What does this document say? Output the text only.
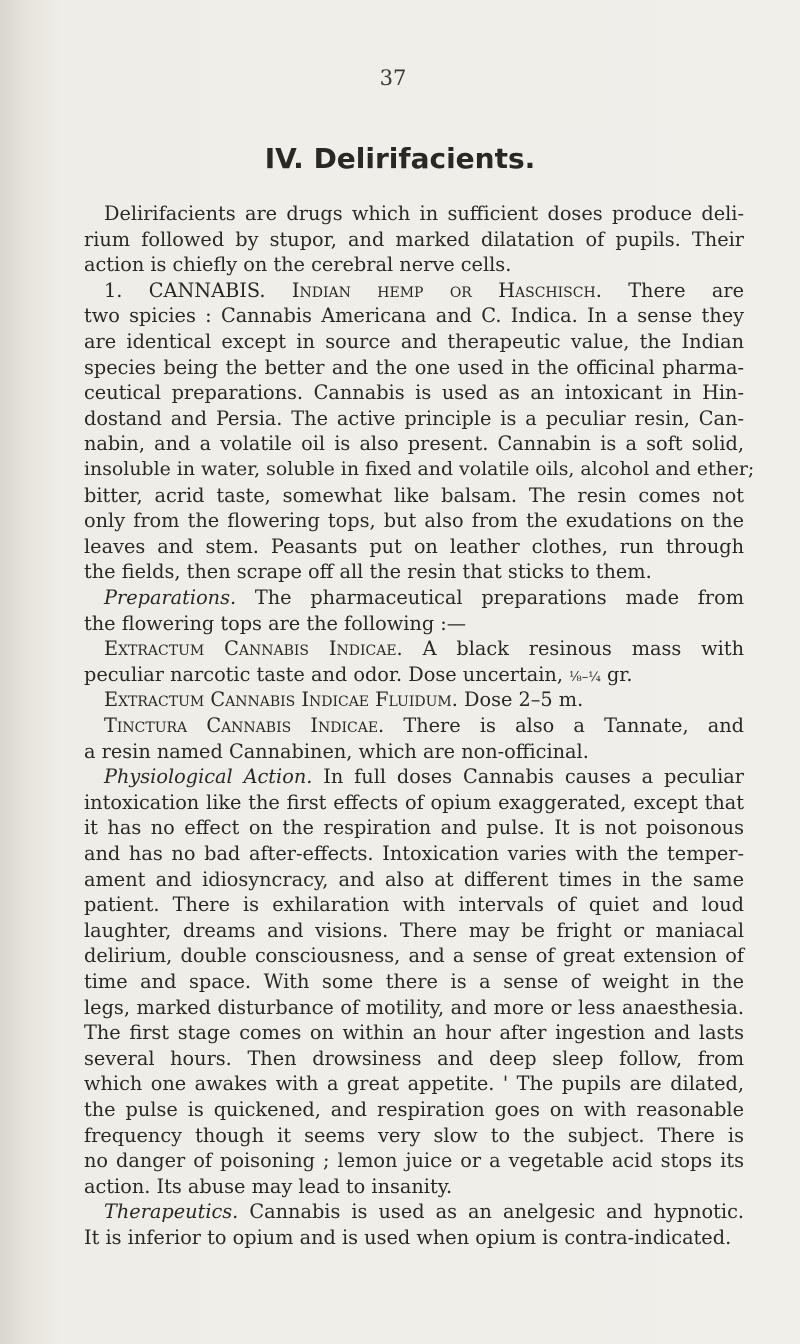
37
IV. Delirifacients.
Delirifacients are drugs which in sufficient doses produce deli-
rium followed by stupor, and marked dilatation of pupils. Their
action is chiefly on the cerebral nerve cells.
1. CANNABIS. Indian hemp or Haschisch. There are
two spicies : Cannabis Americana and C. Indica. In a sense they
are identical except in source and therapeutic value, the Indian
species being the better and the one used in the officinal pharma-
ceutical preparations. Cannabis is used as an intoxicant in Hin-
dostand and Persia. The active principle is a peculiar resin, Can-
nabin, and a volatile oil is also present. Cannabin is a soft solid,
insoluble in water, soluble in fixed and volatile oils, alcohol and ether;
bitter, acrid taste, somewhat like balsam. The resin comes not
only from the flowering tops, but also from the exudations on the
leaves and stem. Peasants put on leather clothes, run through
the fields, then scrape off all the resin that sticks to them.
Preparations. The pharmaceutical preparations made from
the flowering tops are the following :—
Extractum Cannabis Indicae. A black resinous mass with
peculiar narcotic taste and odor. Dose uncertain, ⅛–¼ gr.
Extractum Cannabis Indicae Fluidum. Dose 2–5 m.
Tinctura Cannabis Indicae. There is also a Tannate, and
a resin named Cannabinen, which are non-officinal.
Physiological Action. In full doses Cannabis causes a peculiar
intoxication like the first effects of opium exaggerated, except that
it has no effect on the respiration and pulse. It is not poisonous
and has no bad after-effects. Intoxication varies with the temper-
ament and idiosyncracy, and also at different times in the same
patient. There is exhilaration with intervals of quiet and loud
laughter, dreams and visions. There may be fright or maniacal
delirium, double consciousness, and a sense of great extension of
time and space. With some there is a sense of weight in the
legs, marked disturbance of motility, and more or less anaesthesia.
The first stage comes on within an hour after ingestion and lasts
several hours. Then drowsiness and deep sleep follow, from
which one awakes with a great appetite. ' The pupils are dilated,
the pulse is quickened, and respiration goes on with reasonable
frequency though it seems very slow to the subject. There is
no danger of poisoning ; lemon juice or a vegetable acid stops its
action. Its abuse may lead to insanity.
Therapeutics. Cannabis is used as an anelgesic and hypnotic.
It is inferior to opium and is used when opium is contra-indicated.
